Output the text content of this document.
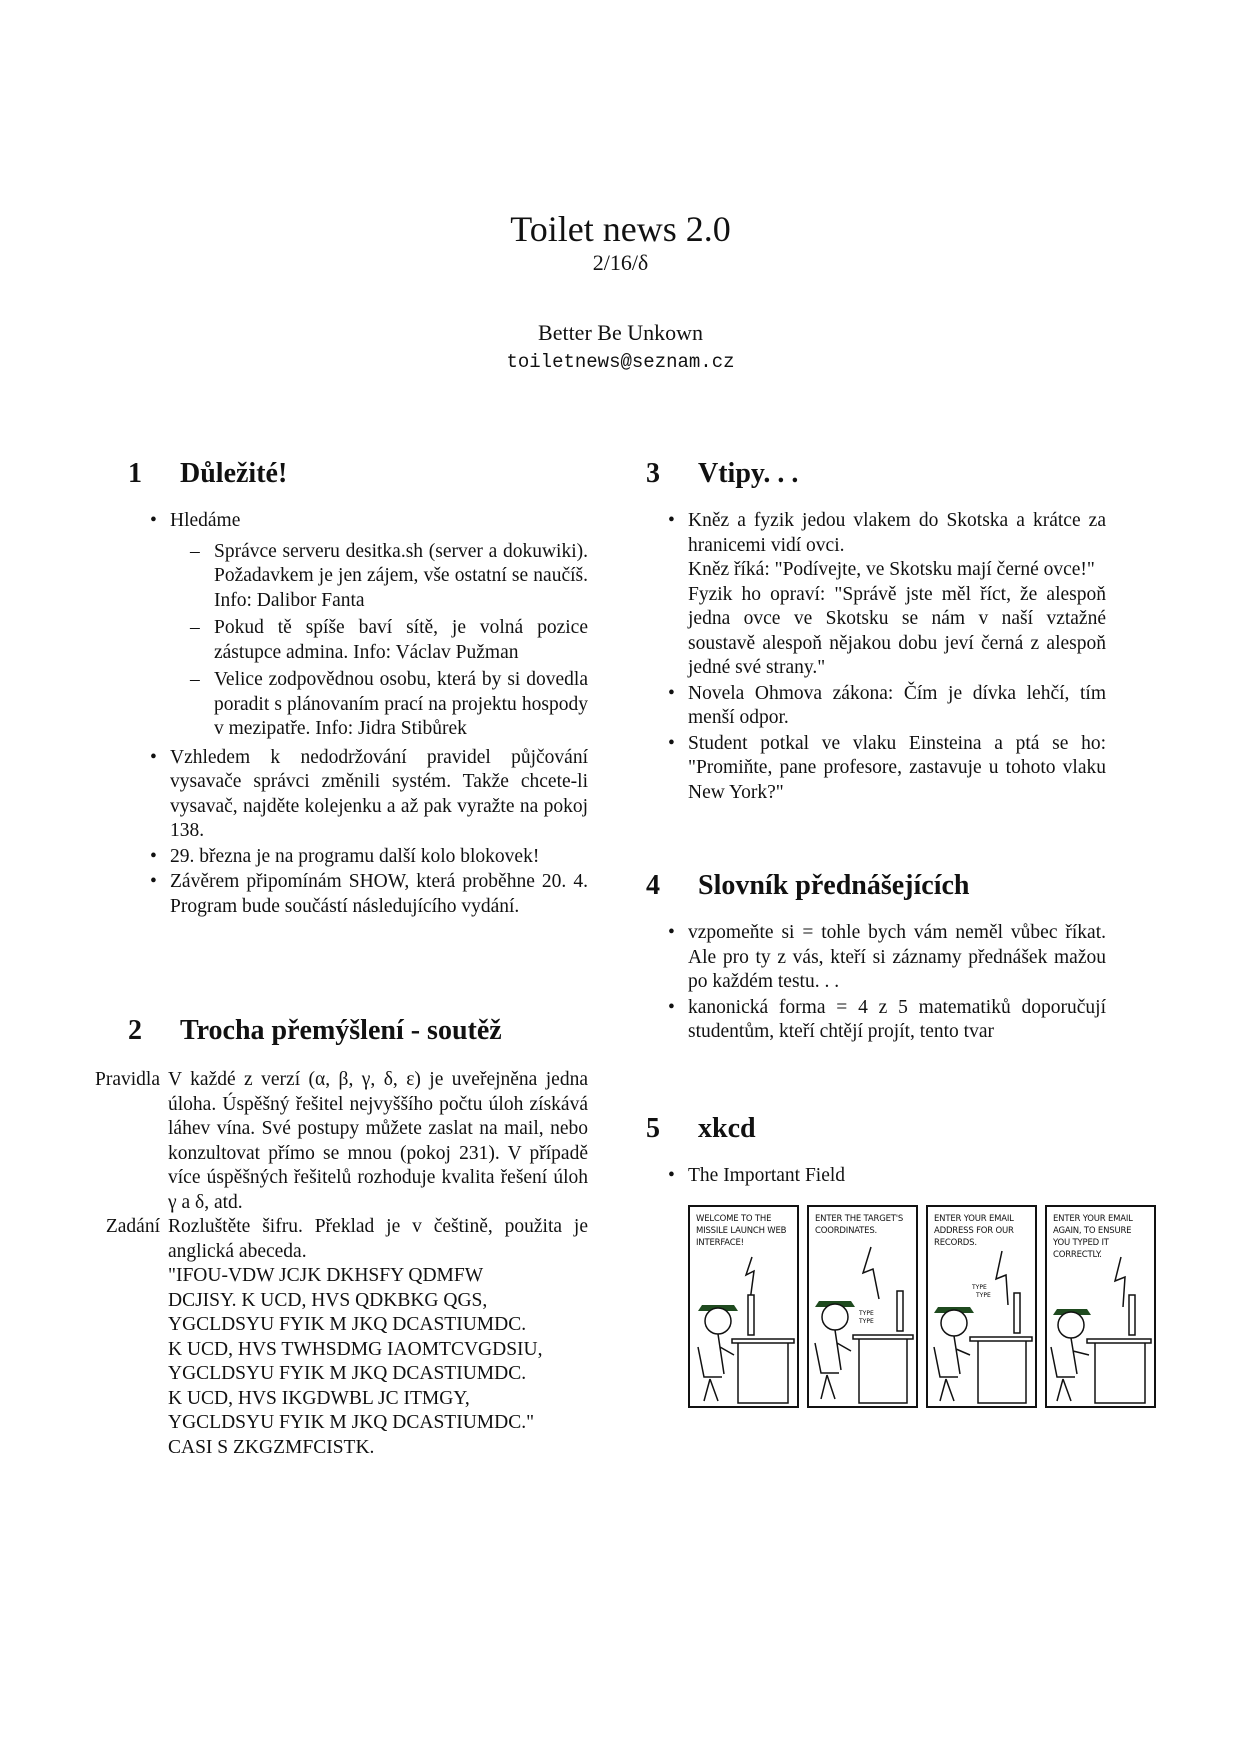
Toilet news 2.0
2/16/δ
Better Be Unkown
toiletnews@seznam.cz
1 Důležité!
• Hledáme
– Správce serveru desitka.sh (server a dokuwiki). Požadavkem je jen zájem, vše ostatní se naučíš. Info: Dalibor Fanta
– Pokud tě spíše baví sítě, je volná pozice zástupce admina. Info: Václav Pužman
– Velice zodpovědnou osobu, která by si dovedla poradit s plánovaním prací na projektu hospody v mezipatře. Info: Jidra Stibůrek
• Vzhledem k nedodržování pravidel půjčování vysavače správci změnili systém. Takže chcete-li vysavač, najděte kolejenku a až pak vyražte na pokoj 138.
• 29. března je na programu další kolo blokovek!
• Závěrem připomínám SHOW, která proběhne 20. 4. Program bude součástí následujícího vydání.
2 Trocha přemýšlení - soutěž
Pravidla V každé z verzí (α, β, γ, δ, ε) je uveřejněna jedna úloha. Úspěšný řešitel nejvyššího počtu úloh získává láhev vína. Své postupy můžete zaslat na mail, nebo konzultovat přímo se mnou (pokoj 231). V případě více úspěšných řešitelů rozhoduje kvalita řešení úloh γ a δ, atd.
Zadání Rozluštěte šifru. Překlad je v češtině, použita je anglická abeceda.
"IFOU-VDW JCJK DKHSFY QDMFW
DCJISY. K UCD, HVS QDKBKG QGS,
YGCLDSYU FYIK M JKQ DCASTIUMDC.
K UCD, HVS TWHSDMG IAOMTCVGDSIU,
YGCLDSYU FYIK M JKQ DCASTIUMDC.
K UCD, HVS IKGDWBL JC ITMGY,
YGCLDSYU FYIK M JKQ DCASTIUMDC."
CASI S ZKGZMFCISTK.
3 Vtipy. . .
• Kněz a fyzik jedou vlakem do Skotska a krátce za hranicemi vidí ovci.
Kněz říká: "Podívejte, ve Skotsku mají černé ovce!"
Fyzik ho opraví: "Správě jste měl říct, že alespoň jedna ovce ve Skotsku se nám v naší vztažné soustavě alespoň nějakou dobu jeví černá z alespoň jedné své strany."
• Novela Ohmova zákona: Čím je dívka lehčí, tím menší odpor.
• Student potkal ve vlaku Einsteina a ptá se ho: "Promiňte, pane profesore, zastavuje u tohoto vlaku New York?"
4 Slovník přednášejících
• vzpomeňte si = tohle bych vám neměl vůbec říkat. Ale pro ty z vás, kteří si záznamy přednášek mažou po každém testu. . .
• kanonická forma = 4 z 5 matematiků doporučují studentům, kteří chtějí projít, tento tvar
5 xkcd
• The Important Field
WELCOME TO THE MISSILE LAUNCH WEB INTERFACE!
TYPE
TYPE
ENTER THE TARGET'S COORDINATES.
TYPE
TYPE
ENTER YOUR EMAIL ADDRESS FOR OUR RECORDS.
ENTER YOUR EMAIL AGAIN, TO ENSURE YOU TYPED IT CORRECTLY.
